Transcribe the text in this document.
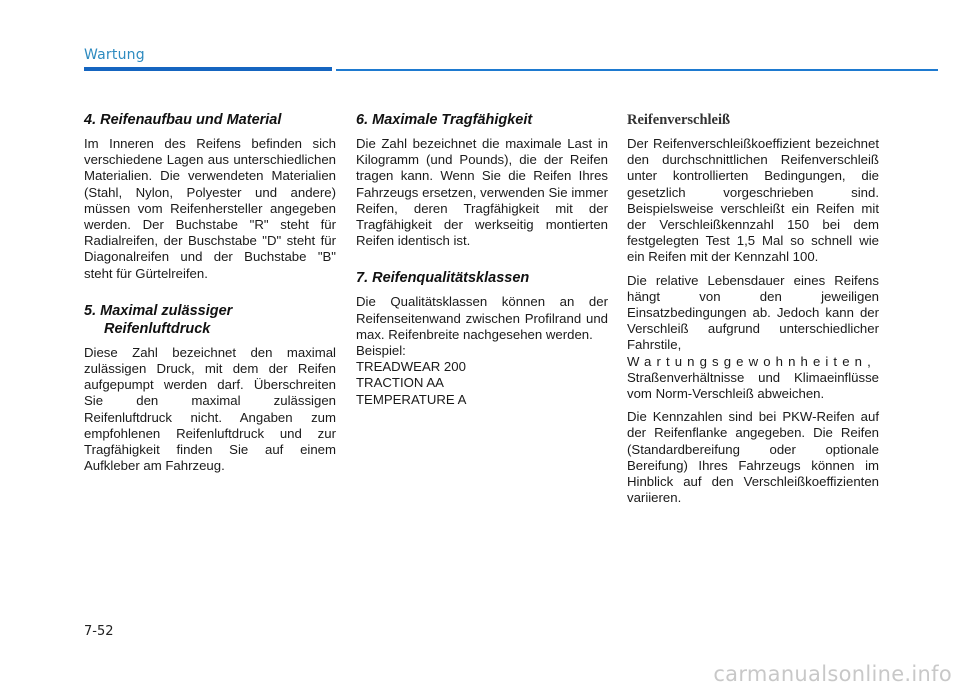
Wartung
4. Reifenaufbau und Material

Im Inneren des Reifens befinden sich verschiedene Lagen aus unterschiedlichen Materialien. Die verwendeten Materialien (Stahl, Nylon, Polyester und andere) müssen vom Reifenhersteller angegeben werden. Der Buchstabe "R" steht für Radialreifen, der Buschstabe "D" steht für Diagonalreifen und der Buchstabe "B" steht für Gürtelreifen.

5. Maximal zulässiger
Reifenluftdruck

Diese Zahl bezeichnet den maximal zulässigen Druck, mit dem der Reifen aufgepumpt werden darf. Überschreiten Sie den maximal zulässigen Reifenluftdruck nicht. Angaben zum empfohlenen Reifenluftdruck und zur Tragfähigkeit finden Sie auf einem Aufkleber am Fahrzeug.

6. Maximale Tragfähigkeit

Die Zahl bezeichnet die maximale Last in Kilogramm (und Pounds), die der Reifen tragen kann. Wenn Sie die Reifen Ihres Fahrzeugs ersetzen, verwenden Sie immer Reifen, deren Tragfähigkeit mit der Tragfähigkeit der werkseitig montierten Reifen identisch ist.

7. Reifenqualitätsklassen

Die Qualitätsklassen können an der Reifenseitenwand zwischen Profilrand und max. Reifenbreite nachgesehen werden.

Beispiel:
TREADWEAR 200
TRACTION AA
TEMPERATURE A
Reifenverschleiß

Der Reifenverschleißkoeffizient bezeichnet den durchschnittlichen Reifenverschleiß unter kontrollierten Bedingungen, die gesetzlich vorgeschrieben sind. Beispielsweise verschleißt ein Reifen mit der Verschleißkennzahl 150 bei dem festgelegten Test 1,5 Mal so schnell wie ein Reifen mit der Kennzahl 100.

Die relative Lebensdauer eines Reifens hängt von den jeweiligen Einsatzbedingungen ab. Jedoch kann der Verschleiß aufgrund unterschiedlicher Fahrstile, Wartungsgewohnheiten, Straßenverhältnisse und Klimaeinflüsse vom Norm-Verschleiß abweichen.

Die Kennzahlen sind bei PKW-Reifen auf der Reifenflanke angegeben. Die Reifen (Standardbereifung oder optionale Bereifung) Ihres Fahrzeugs können im Hinblick auf den Verschleißkoeffizienten variieren.

7-52
carmanualsonline.info
